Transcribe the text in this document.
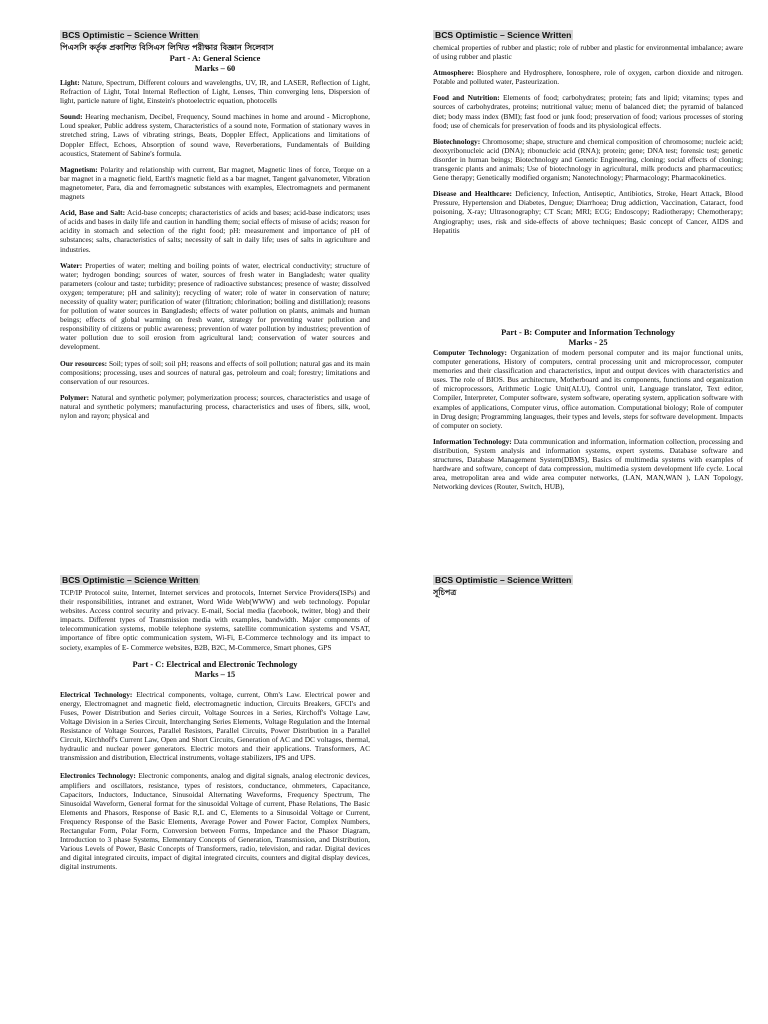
BCS Optimistic – Science Written
পিএসসি কর্তৃক প্রকাশিত বিসিএস লিখিত পরীক্ষার বিজ্ঞান সিলেবাস
Part - A: General Science
Marks – 60

Light: Nature, Spectrum, Different colours and wavelengths, UV, IR, and LASER, Reflection of Light, Refraction of Light, Total Internal Reflection of Light, Lenses, Thin converging lens, Dispersion of light, particle nature of light, Einstein's photoelectric equation, photocells

Sound: Hearing mechanism, Decibel, Frequency, Sound machines in home and around - Microphone, Loud speaker, Public address system, Characteristics of a sound note, Formation of stationary waves in stretched string, Laws of vibrating strings, Beats, Doppler Effect, Applications and limitations of Doppler Effect, Echoes, Absorption of sound wave, Reverberations, Fundamentals of Building acoustics, Statement of Sabine's formula.

Magnetism: Polarity and relationship with current, Bar magnet, Magnetic lines of force, Torque on a bar magnet in a magnetic field, Earth's magnetic field as a bar magnet, Tangent galvanometer, Vibration magnetometer, Para, dia and ferromagnetic substances with examples, Electromagnets and permanent magnets

Acid, Base and Salt: Acid-base concepts; characteristics of acids and bases; acid-base indicators; uses of acids and bases in daily life and caution in handling them; social effects of misuse of acids; reason for acidity in stomach and selection of the right food; pH: measurement and importance of pH of substances; salts, characteristics of salts; necessity of salt in daily life; uses of salts in agriculture and industries.

Water: Properties of water; melting and boiling points of water, electrical conductivity; structure of water; hydrogen bonding; sources of water, sources of fresh water in Bangladesh; water quality parameters (colour and taste; turbidity; presence of radioactive substances; presence of waste; dissolved oxygen; temperature; pH and salinity); recycling of water; role of water in conservation of nature; necessity of quality water; purification of water (filtration; chlorination; boiling and distillation); reasons for pollution of water sources in Bangladesh; effects of water pollution on plants, animals and human beings; effects of global warming on fresh water, strategy for preventing water pollution and responsibility of citizens or public awareness; prevention of water pollution by industries; prevention of water pollution due to soil erosion from agricultural land; conservation of water sources and development.

Our resources: Soil; types of soil; soil pH; reasons and effects of soil pollution; natural gas and its main compositions; processing, uses and sources of natural gas, petroleum and coal; forestry; limitations and conservation of our resources.

Polymer: Natural and synthetic polymer; polymerization process; sources, characteristics and usage of natural and synthetic polymers; manufacturing process, characteristics and uses of fibers, silk, wool, nylon and rayon; physical and

BCS Optimistic – Science Written

chemical properties of rubber and plastic; role of rubber and plastic for environmental imbalance; aware of using rubber and plastic

Atmosphere: Biosphere and Hydrosphere, Ionosphere, role of oxygen, carbon dioxide and nitrogen. Potable and polluted water, Pasteurization.

Food and Nutrition: Elements of food; carbohydrates; protein; fats and lipid; vitamins; types and sources of carbohydrates, proteins; nutritional value; menu of balanced diet; the pyramid of balanced diet; body mass index (BMI); fast food or junk food; preservation of food; various processes of storing food; use of chemicals for preservation of foods and its physiological effects.

Biotechnology: Chromosome; shape, structure and chemical composition of chromosome; nucleic acid; deoxyribonucleic acid (DNA); ribonucleic acid (RNA); protein; gene; DNA test; forensic test; genetic disorder in human beings; Biotechnology and Genetic Engineering, cloning; social effects of cloning; transgenic plants and animals; Use of biotechnology in agricultural, milk products and pharmaceutics; Gene therapy; Genetically modified organism; Nanotechnology; Pharmacology; Pharmacokinetics.

Disease and Healthcare: Deficiency, Infection, Antiseptic, Antibiotics, Stroke, Heart Attack, Blood Pressure, Hypertension and Diabetes, Dengue; Diarrhoea; Drug addiction, Vaccination, Cataract, food poisoning, X-ray; Ultrasonography; CT Scan; MRI; ECG; Endoscopy; Radiotherapy; Chemotherapy; Angiography; uses, risk and side-effects of above techniques; Basic concept of Cancer, AIDS and Hepatitis

Part - B: Computer and Information Technology
Marks - 25

Computer Technology: Organization of modern personal computer and its major functional units, computer generations, History of computers, central processing unit and microprocessor, computer memories and their classification and characteristics, input and output devices with characteristics and uses. The role of BIOS. Bus architecture, Motherboard and its components, functions and organization of microprocessors, Arithmetic Logic Unit(ALU), Control unit, Language translator, Text editor, Compiler, Interpreter, Computer software, system software, operating system, application software with examples of applications, Computer virus, office automation. Computational biology; Role of computer in Drug design; Programming languages, their types and levels, steps for software development. Impacts of computer on society.

Information Technology: Data communication and information, information collection, processing and distribution, System analysis and information systems, expert systems. Database software and structures, Database Management System(DBMS), Basics of multimedia systems with examples of hardware and software, concept of data compression, multimedia system development life cycle. Local area, metropolitan area and wide area computer networks, (LAN, MAN,WAN ), LAN Topology, Networking devices (Router, Switch, HUB),

BCS Optimistic – Science Written

TCP/IP Protocol suite, Internet, Internet services and protocols, Internet Service Providers(ISPs) and their responsibilities, intranet and extranet, Word Wide Web(WWW) and web technology. Popular websites. Access control security and privacy. E-mail, Social media (facebook, twitter, blog) and their impacts. Different types of Transmission media with examples, bandwidth. Major components of telecommunication systems, mobile telephone systems, satellite communication systems and VSAT, importance of fibre optic communication system, Wi-Fi, E-Commerce technology and its impact to society, examples of E- Commerce websites, B2B, B2C, M-Commerce, Smart phones, GPS

Part - C: Electrical and Electronic Technology
Marks – 15

Electrical Technology: Electrical components, voltage, current, Ohm's Law. Electrical power and energy, Electromagnet and magnetic field, electromagnetic induction, Circuits Breakers, GFCI's and Fuses, Power Distribution and Series circuit, Voltage Sources in a Series, Kirchoff's Voltage Law, Voltage Division in a Series Circuit, Interchanging Series Elements, Voltage Regulation and the Internal Resistance of Voltage Sources, Parallel Resistors, Parallel Circuits, Power Distribution in a Parallel Circuit, Kirchhoff's Current Law, Open and Short Circuits, Generation of AC and DC voltages, thermal, hydraulic and nuclear power generators. Electric motors and their applications. Transformers, AC transmission and distribution, Electrical instruments, voltage stabilizers, IPS and UPS.

Electronics Technology: Electronic components, analog and digital signals, analog electronic devices, amplifiers and oscillators, resistance, types of resistors, conductance, ohmmeters, Capacitance, Capacitors, Inductors, Inductance, Sinusoidal Alternating Waveforms, Frequency Spectrum, The Sinusoidal Waveform, General format for the sinusoidal Voltage of current, Phase Relations, The Basic Elements and Phasors, Response of Basic R,L and C, Elements to a Sinusoidal Voltage or Current, Frequency Response of the Basic Elements, Average Power and Power Factor, Complex Numbers, Rectangular Form, Polar Form, Conversion between Forms, Impedance and the Phasor Diagram, Introduction to 3 phase Systems, Elementary Concepts of Generation, Transmission, and Distribution, Various Levels of Power, Basic Concepts of Transformers, radio, television, and radar. Digital devices and digital integrated circuits, impact of digital integrated circuits, counters and digital display devices, digital instruments.

BCS Optimistic – Science Written
সূচিপত্র
